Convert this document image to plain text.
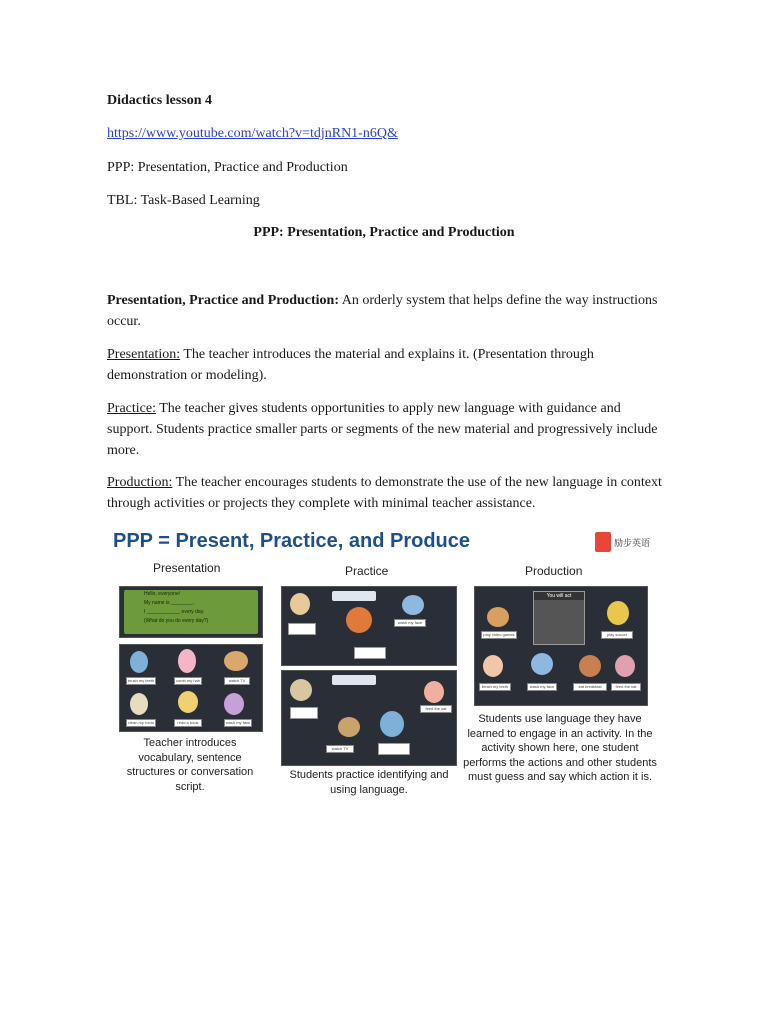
Didactics lesson 4
https://www.youtube.com/watch?v=tdjnRN1-n6Q&
PPP: Presentation, Practice and Production
TBL: Task-Based Learning
PPP: Presentation, Practice and Production
Presentation, Practice and Production: An orderly system that helps define the way instructions occur.
Presentation: The teacher introduces the material and explains it. (Presentation through demonstration or modeling).
Practice: The teacher gives students opportunities to apply new language with guidance and support. Students practice smaller parts or segments of the new material and progressively include more.
Production: The teacher encourages students to demonstrate the use of the new language in context through activities or projects they complete with minimal teacher assistance.
PPP = Present, Practice, and Produce	励步英语
Presentation
Hello, everyone!
My name is ________.
I ____________ every day.
(What do you do every day?)
brush my teeth	comb my hair	watch TV
clean my room	read a book	wash my face
Teacher introduces vocabulary, sentence structures or conversation script.
Practice
wash my face
feed the cat
watch TV
Students practice identifying and using language.
Production
You will act
play video games	play soccer
brush my teeth	wash my face	eat breakfast	feed the cat
Students use language they have learned to engage in an activity. In the activity shown here, one student performs the actions and other students must guess and say which action it is.
